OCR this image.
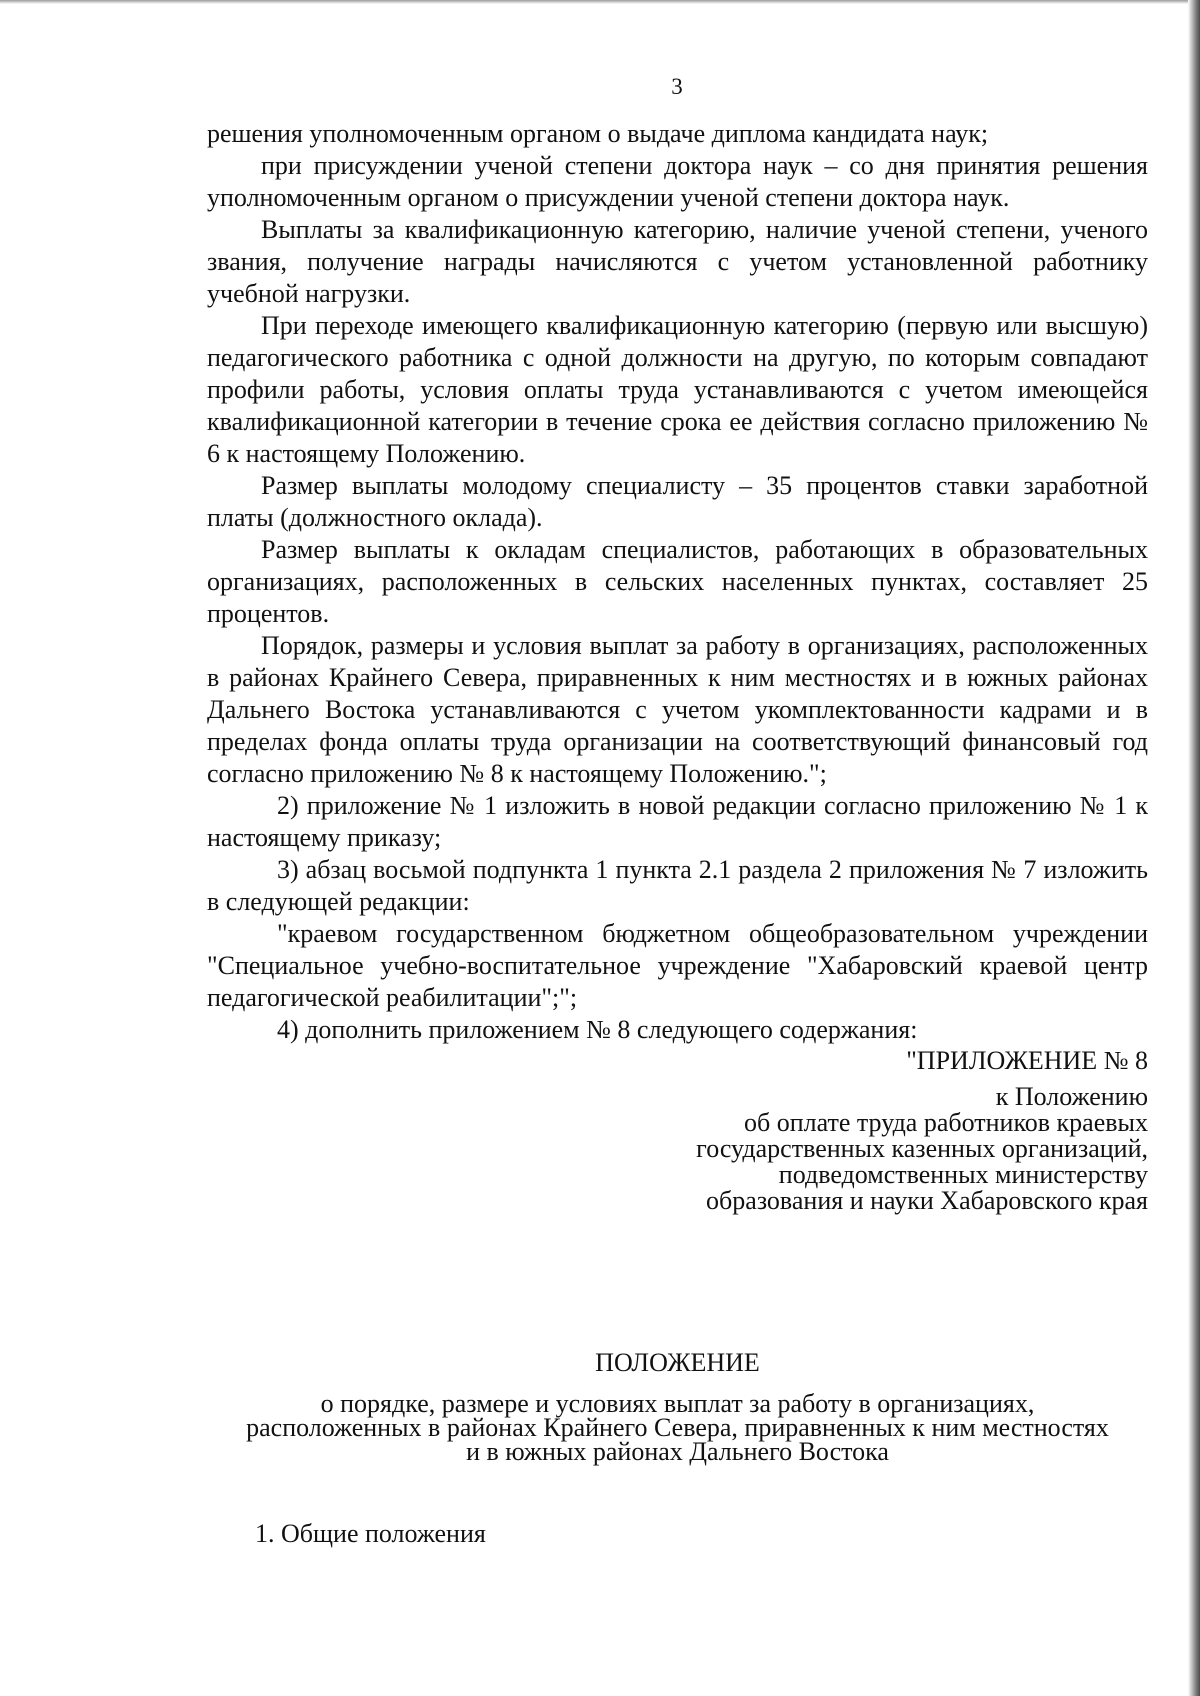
3

решения уполномоченным органом о выдаче диплома кандидата наук;

при присуждении ученой степени доктора наук – со дня принятия решения уполномоченным органом о присуждении ученой степени доктора наук.

Выплаты за квалификационную категорию, наличие ученой степени, ученого звания, получение награды начисляются с учетом установленной работнику учебной нагрузки.

При переходе имеющего квалификационную категорию (первую или высшую) педагогического работника с одной должности на другую, по которым совпадают профили работы, условия оплаты труда устанавливаются с учетом имеющейся квалификационной категории в течение срока ее действия согласно приложению № 6 к настоящему Положению.

Размер выплаты молодому специалисту – 35 процентов ставки заработной платы (должностного оклада).

Размер выплаты к окладам специалистов, работающих в образовательных организациях, расположенных в сельских населенных пунктах, составляет 25 процентов.

Порядок, размеры и условия выплат за работу в организациях, расположенных в районах Крайнего Севера, приравненных к ним местностях и в южных районах Дальнего Востока устанавливаются с учетом укомплектованности кадрами и в пределах фонда оплаты труда организации на соответствующий финансовый год согласно приложению № 8 к настоящему Положению.";

2) приложение № 1 изложить в новой редакции согласно приложению № 1 к настоящему приказу;

3) абзац восьмой подпункта 1 пункта 2.1 раздела 2 приложения № 7 изложить в следующей редакции:

"краевом государственном бюджетном общеобразовательном учреждении "Специальное учебно-воспитательное учреждение "Хабаровский краевой центр педагогической реабилитации";";

4) дополнить приложением № 8 следующего содержания:

"ПРИЛОЖЕНИЕ № 8

к Положению

об оплате труда работников краевых

государственных казенных организаций,

подведомственных министерству

образования и науки Хабаровского края

ПОЛОЖЕНИЕ
о порядке, размере и условиях выплат за работу в организациях,
расположенных в районах Крайнего Севера, приравненных к ним местностях
и в южных районах Дальнего Востока
1. Общие положения
